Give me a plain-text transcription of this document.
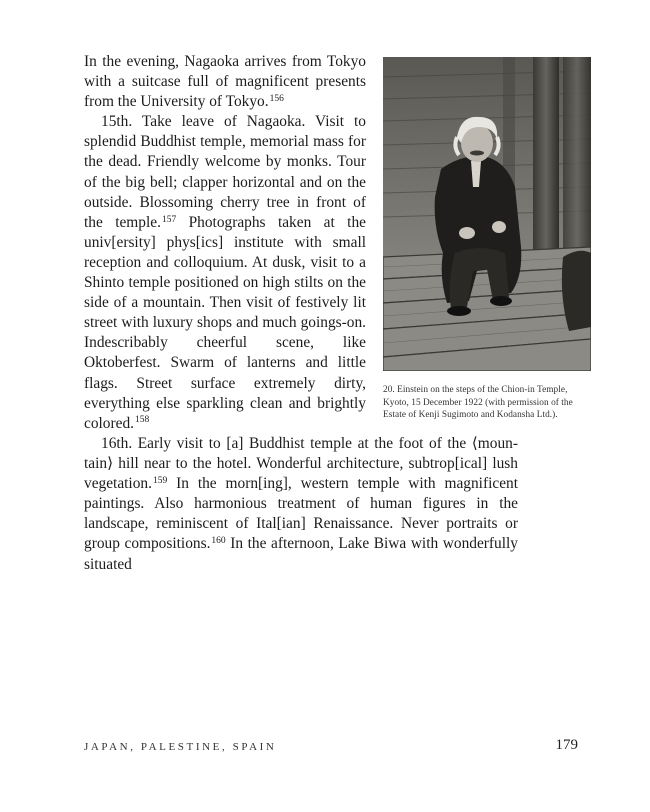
In the evening, Nagaoka arrives from Tokyo with a suitcase full of magnificent presents from the University of Tokyo.$^{156}$

15th. Take leave of Nagaoka. Visit to splendid Buddhist temple, memorial mass for the dead. Friendly welcome by monks. Tour of the big bell; clapper horizontal and on the outside. Blossoming cherry tree in front of the temple.$^{157}$ Photographs taken at the univ[ersity] phys[ics] institute with small reception and colloquium. At dusk, visit to a Shinto temple positioned on high stilts on the side of a mountain. Then visit of festively lit street with luxury shops and much goings-on. Indescribably cheerful scene, like Oktoberfest. Swarm of lanterns and little flags. Street surface extremely dirty, everything else sparkling clean and brightly colored.$^{158}$

16th. Early visit to [a] Buddhist temple at the foot of the ⟨mountain⟩ hill near to the hotel. Wonderful architecture, subtrop[ical] lush vegetation.$^{159}$ In the morn[ing], western temple with magnificent paintings. Also harmonious treatment of human figures in the landscape, reminiscent of Ital[ian] Renaissance. Never portraits or group compositions.$^{160}$ In the afternoon, Lake Biwa with wonderfully situated

20. Einstein on the steps of the Chion-in Temple,
Kyoto, 15 December 1922 (with permission of the
Estate of Kenji Sugimoto and Kodansha Ltd.).
JAPAN, PALESTINE, SPAIN	179
